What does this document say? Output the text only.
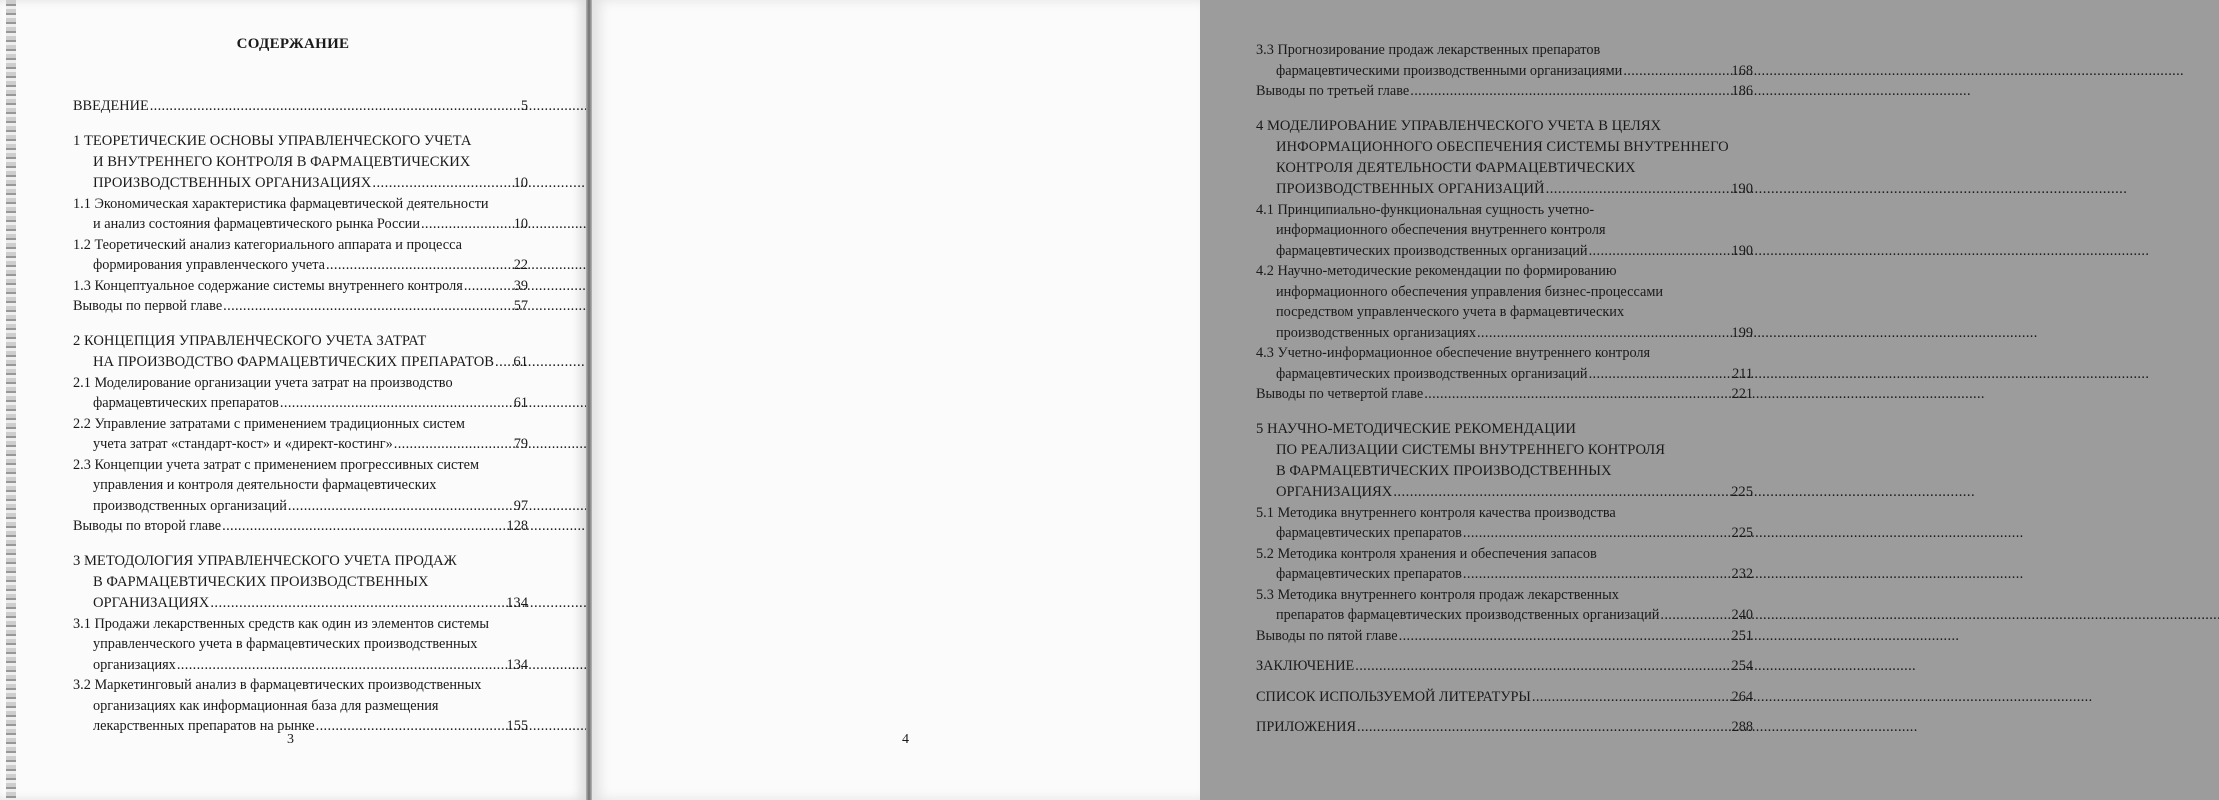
СОДЕРЖАНИЕ
ВВЕДЕНИЕ . . .	5
1 ТЕОРЕТИЧЕСКИЕ ОСНОВЫ УПРАВЛЕНЧЕСКОГО УЧЕТА
И ВНУТРЕННЕГО КОНТРОЛЯ В ФАРМАЦЕВТИЧЕСКИХ
ПРОИЗВОДСТВЕННЫХ ОРГАНИЗАЦИЯХ . . .	10
1.1 Экономическая характеристика фармацевтической деятельности
и анализ состояния фармацевтического рынка России . . .	10
1.2 Теоретический анализ категориального аппарата и процесса
формирования управленческого учета . . .	22
1.3 Концептуальное содержание системы внутреннего контроля . . .	39
Выводы по первой главе . . .	57
2 КОНЦЕПЦИЯ УПРАВЛЕНЧЕСКОГО УЧЕТА ЗАТРАТ
НА ПРОИЗВОДСТВО ФАРМАЦЕВТИЧЕСКИХ ПРЕПАРАТОВ . . . 61
2.1 Моделирование организации учета затрат на производство
фармацевтических препаратов . . .	61
2.2 Управление затратами с применением традиционных систем
учета затрат «стандарт-кост» и «директ-костинг» . . .	79
2.3 Концепции учета затрат с применением прогрессивных систем
управления и контроля деятельности фармацевтических
производственных организаций . . .	97
Выводы по второй главе . . .	128
3 МЕТОДОЛОГИЯ УПРАВЛЕНЧЕСКОГО УЧЕТА ПРОДАЖ
В ФАРМАЦЕВТИЧЕСКИХ ПРОИЗВОДСТВЕННЫХ
ОРГАНИЗАЦИЯХ . . .	134
3.1 Продажи лекарственных средств как один из элементов системы
управленческого учета в фармацевтических производственных
организациях . . .	134
3.2 Маркетинговый анализ в фармацевтических производственных
организациях как информационная база для размещения
лекарственных препаратов на рынке . . .	155
3
3.3 Прогнозирование продаж лекарственных препаратов
фармацевтическими производственными организациями . . .	168
Выводы по третьей главе . . .	186
4 МОДЕЛИРОВАНИЕ УПРАВЛЕНЧЕСКОГО УЧЕТА В ЦЕЛЯХ
ИНФОРМАЦИОННОГО ОБЕСПЕЧЕНИЯ СИСТЕМЫ ВНУТРЕННЕГО
КОНТРОЛЯ ДЕЯТЕЛЬНОСТИ ФАРМАЦЕВТИЧЕСКИХ
ПРОИЗВОДСТВЕННЫХ ОРГАНИЗАЦИЙ . . .	190
4.1 Принципиально-функциональная сущность учетно-
информационного обеспечения внутреннего контроля
фармацевтических производственных организаций . . .	190
4.2 Научно-методические рекомендации по формированию
информационного обеспечения управления бизнес-процессами
посредством управленческого учета в фармацевтических
производственных организациях . . .	199
4.3 Учетно-информационное обеспечение внутреннего контроля
фармацевтических производственных организаций . . .	211
Выводы по четвертой главе . . .	221
5 НАУЧНО-МЕТОДИЧЕСКИЕ РЕКОМЕНДАЦИИ
ПО РЕАЛИЗАЦИИ СИСТЕМЫ ВНУТРЕННЕГО КОНТРОЛЯ
В ФАРМАЦЕВТИЧЕСКИХ ПРОИЗВОДСТВЕННЫХ
ОРГАНИЗАЦИЯХ . . .	225
5.1 Методика внутреннего контроля качества производства
фармацевтических препаратов . . .	225
5.2 Методика контроля хранения и обеспечения запасов
фармацевтических препаратов . . .	232
5.3 Методика внутреннего контроля продаж лекарственных
препаратов фармацевтических производственных организаций . . .	240
Выводы по пятой главе . . .	251
ЗАКЛЮЧЕНИЕ . . .	254
СПИСОК ИСПОЛЬЗУЕМОЙ ЛИТЕРАТУРЫ . . .	264
ПРИЛОЖЕНИЯ . . .	288
4
